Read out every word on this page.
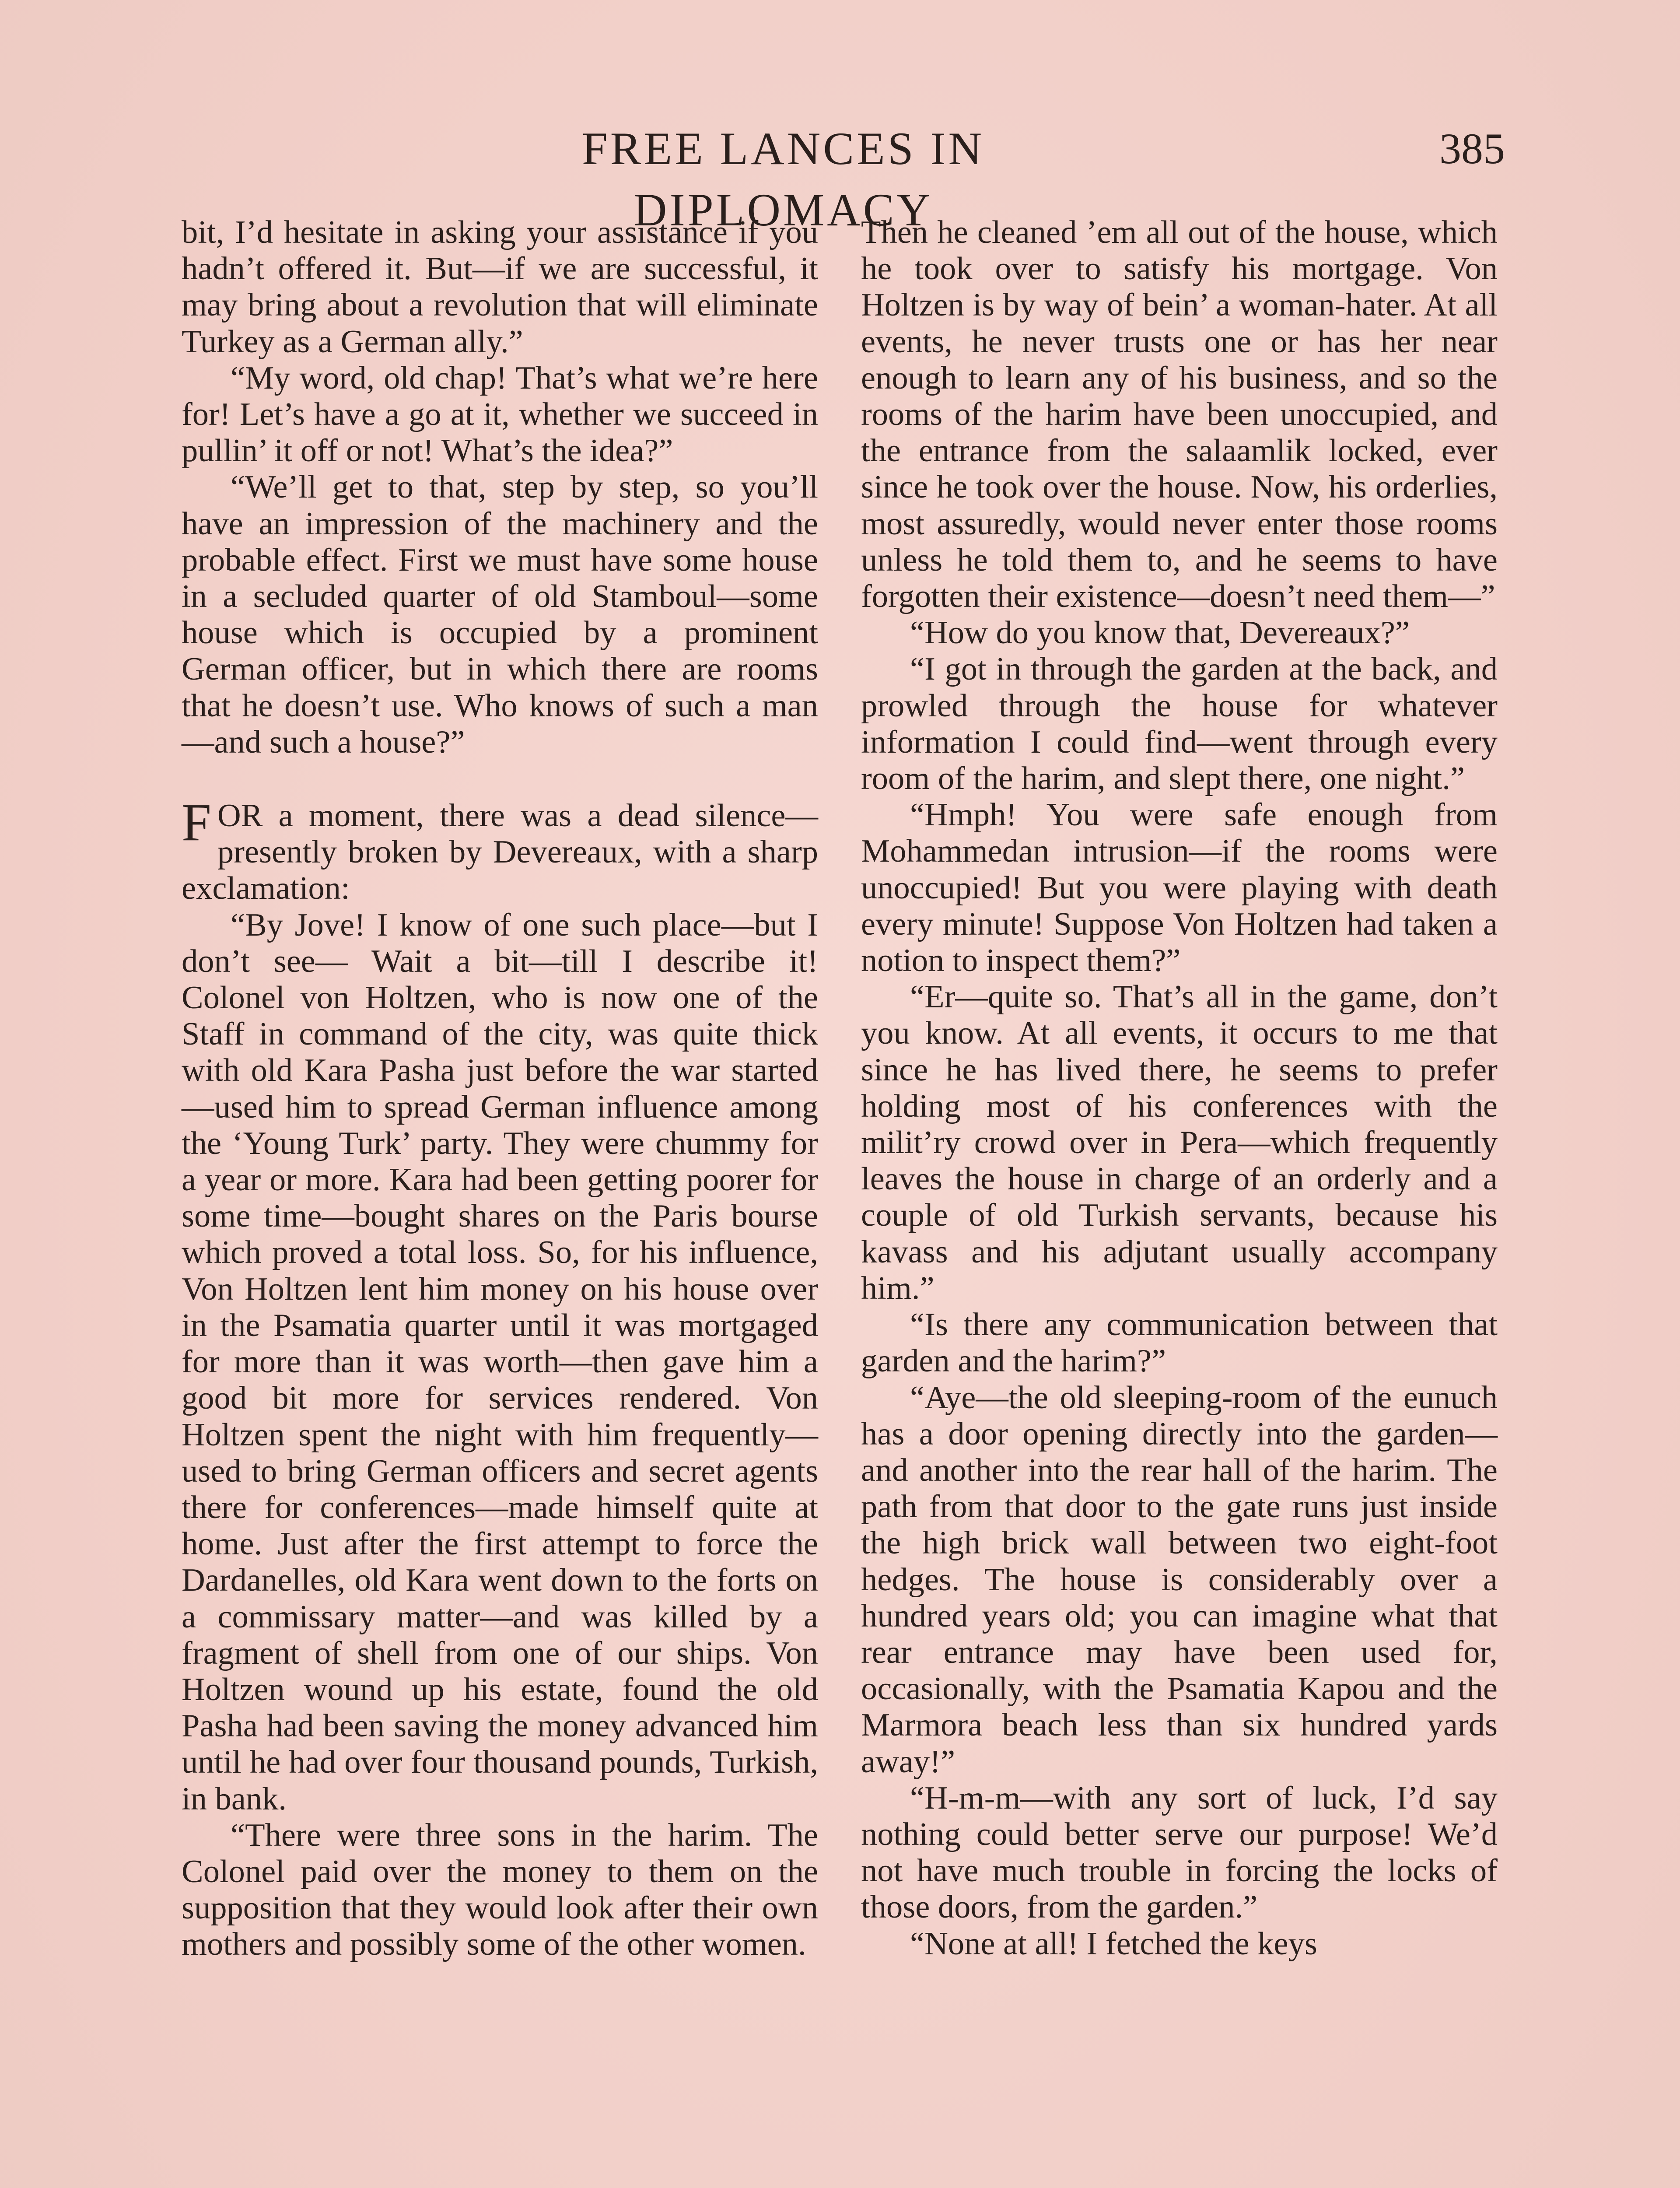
FREE LANCES IN DIPLOMACY
385

bit, I’d hesitate in asking your assistance if you hadn’t offered it. But—if we are successful, it may bring about a revolution that will eliminate Turkey as a German ally.”

“My word, old chap! That’s what we’re here for! Let’s have a go at it, whether we succeed in pullin’ it off or not! What’s the idea?”

“We’ll get to that, step by step, so you’ll have an impression of the machinery and the probable effect. First we must have some house in a secluded quarter of old Stamboul—some house which is occupied by a prominent German officer, but in which there are rooms that he doesn’t use. Who knows of such a man—and such a house?”

FOR a moment, there was a dead silence—presently broken by Devereaux, with a sharp exclamation:

“By Jove! I know of one such place—but I don’t see— Wait a bit—till I describe it! Colonel von Holtzen, who is now one of the Staff in command of the city, was quite thick with old Kara Pasha just before the war started—used him to spread German influence among the ‘Young Turk’ party. They were chummy for a year or more. Kara had been getting poorer for some time—bought shares on the Paris bourse which proved a total loss. So, for his influence, Von Holtzen lent him money on his house over in the Psamatia quarter until it was mortgaged for more than it was worth—then gave him a good bit more for services rendered. Von Holtzen spent the night with him frequently—used to bring German officers and secret agents there for conferences—made himself quite at home. Just after the first attempt to force the Dardanelles, old Kara went down to the forts on a commissary matter—and was killed by a fragment of shell from one of our ships. Von Holtzen wound up his estate, found the old Pasha had been saving the money advanced him until he had over four thousand pounds, Turkish, in bank.

“There were three sons in the harim. The Colonel paid over the money to them on the supposition that they would look after their own mothers and possibly some of the other women.

Then he cleaned ’em all out of the house, which he took over to satisfy his mortgage. Von Holtzen is by way of bein’ a woman-hater. At all events, he never trusts one or has her near enough to learn any of his business, and so the rooms of the harim have been unoccupied, and the entrance from the salaamlik locked, ever since he took over the house. Now, his orderlies, most assuredly, would never enter those rooms unless he told them to, and he seems to have forgotten their existence—doesn’t need them—”

“How do you know that, Devereaux?”

“I got in through the garden at the back, and prowled through the house for whatever information I could find—went through every room of the harim, and slept there, one night.”

“Hmph! You were safe enough from Mohammedan intrusion—if the rooms were unoccupied! But you were playing with death every minute! Suppose Von Holtzen had taken a notion to inspect them?”

“Er—quite so. That’s all in the game, don’t you know. At all events, it occurs to me that since he has lived there, he seems to prefer holding most of his conferences with the milit’ry crowd over in Pera—which frequently leaves the house in charge of an orderly and a couple of old Turkish servants, because his kavass and his adjutant usually accompany him.”

“Is there any communication between that garden and the harim?”

“Aye—the old sleeping-room of the eunuch has a door opening directly into the garden—and another into the rear hall of the harim. The path from that door to the gate runs just inside the high brick wall between two eight-foot hedges. The house is considerably over a hundred years old; you can imagine what that rear entrance may have been used for, occasionally, with the Psamatia Kapou and the Marmora beach less than six hundred yards away!”

“H-m-m—with any sort of luck, I’d say nothing could better serve our purpose! We’d not have much trouble in forcing the locks of those doors, from the garden.”

“None at all! I fetched the keys
